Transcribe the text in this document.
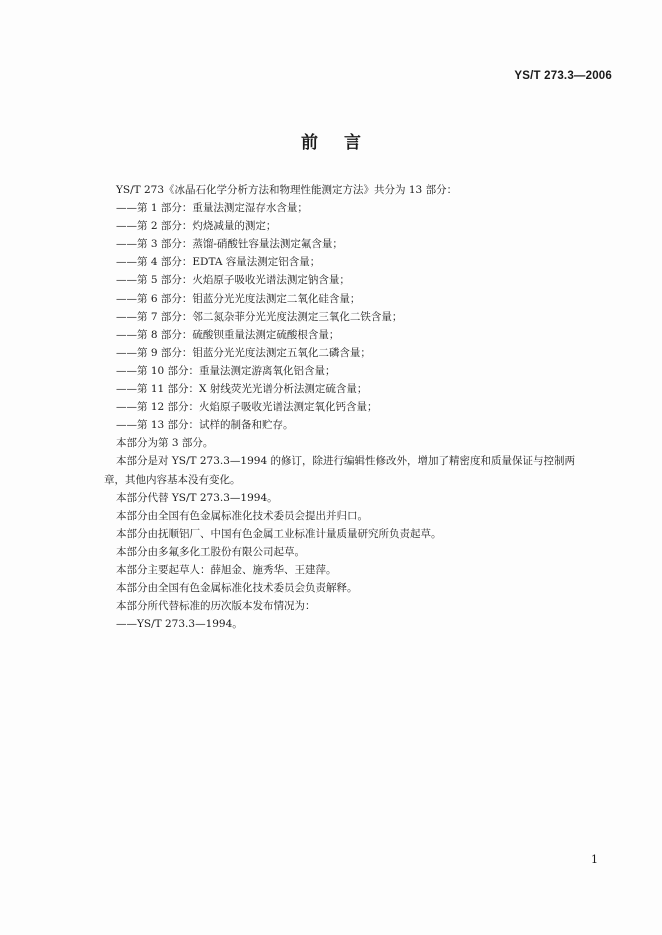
YS/T 273.3—2006
前言
YS/T 273《冰晶石化学分析方法和物理性能测定方法》共分为 13 部分：
——第 1 部分：重量法测定湿存水含量；
——第 2 部分：灼烧减量的测定；
——第 3 部分：蒸馏-硝酸钍容量法测定氟含量；
——第 4 部分：EDTA 容量法测定铝含量；
——第 5 部分：火焰原子吸收光谱法测定钠含量；
——第 6 部分：钼蓝分光光度法测定二氧化硅含量；
——第 7 部分：邻二氮杂菲分光光度法测定三氧化二铁含量；
——第 8 部分：硫酸钡重量法测定硫酸根含量；
——第 9 部分：钼蓝分光光度法测定五氧化二磷含量；
——第 10 部分：重量法测定游离氧化铝含量；
——第 11 部分：X 射线荧光光谱分析法测定硫含量；
——第 12 部分：火焰原子吸收光谱法测定氧化钙含量；
——第 13 部分：试样的制备和贮存。
本部分为第 3 部分。
本部分是对 YS/T 273.3—1994 的修订，除进行编辑性修改外，增加了精密度和质量保证与控制两
章，其他内容基本没有变化。
本部分代替 YS/T 273.3—1994。
本部分由全国有色金属标准化技术委员会提出并归口。
本部分由抚顺铝厂、中国有色金属工业标准计量质量研究所负责起草。
本部分由多氟多化工股份有限公司起草。
本部分主要起草人：薛旭金、施秀华、王建萍。
本部分由全国有色金属标准化技术委员会负责解释。
本部分所代替标准的历次版本发布情况为：
——YS/T 273.3—1994。
1
